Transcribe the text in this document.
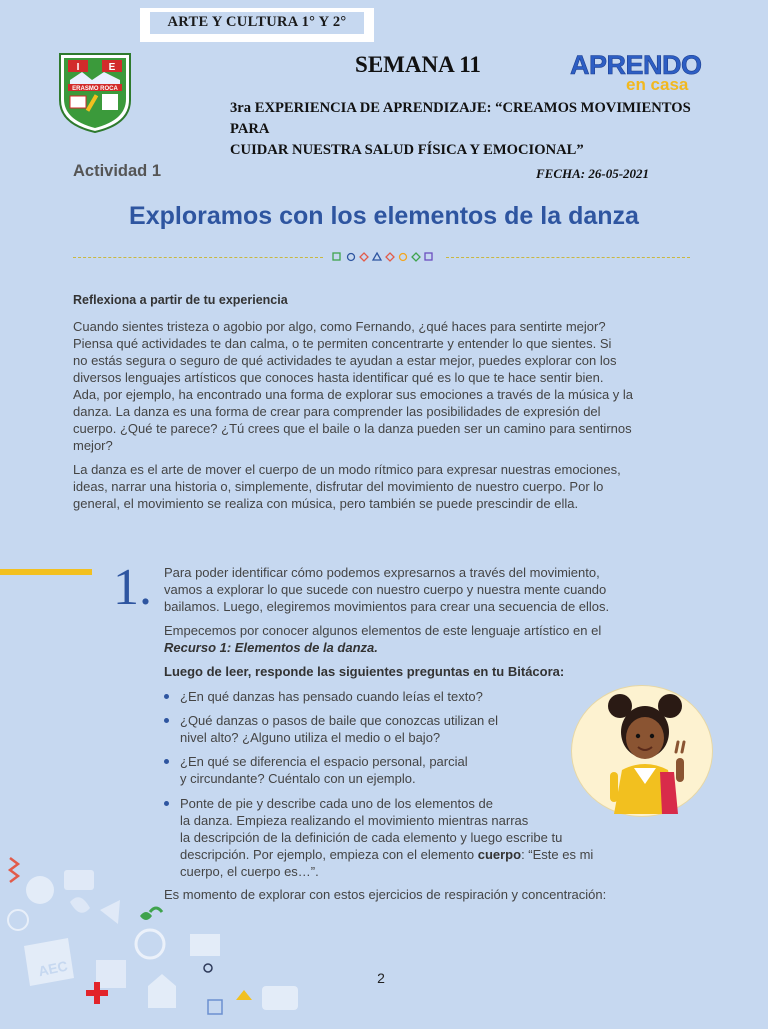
ARTE Y CULTURA 1° Y 2°
I	E
ERASMO ROCA
SEMANA 11	APRENDO
en casa
3ra EXPERIENCIA DE APRENDIZAJE: “CREAMOS MOVIMIENTOS PARA
CUIDAR NUESTRA SALUD FÍSICA Y EMOCIONAL”
Actividad 1	FECHA: 26-05-2021
Exploramos con los elementos de la danza
Reflexiona a partir de tu experiencia
Cuando sientes tristeza o agobio por algo, como Fernando, ¿qué haces para sentirte mejor?
Piensa qué actividades te dan calma, o te permiten concentrarte y entender lo que sientes. Si
no estás segura o seguro de qué actividades te ayudan a estar mejor, puedes explorar con los
diversos lenguajes artísticos que conoces hasta identificar qué es lo que te hace sentir bien.
Ada, por ejemplo, ha encontrado una forma de explorar sus emociones a través de la música y la
danza. La danza es una forma de crear para comprender las posibilidades de expresión del
cuerpo. ¿Qué te parece? ¿Tú crees que el baile o la danza pueden ser un camino para sentirnos
mejor?
La danza es el arte de mover el cuerpo de un modo rítmico para expresar nuestras emociones,
ideas, narrar una historia o, simplemente, disfrutar del movimiento de nuestro cuerpo. Por lo
general, el movimiento se realiza con música, pero también se puede prescindir de ella.
1. Para poder identificar cómo podemos expresarnos a través del movimiento,
vamos a explorar lo que sucede con nuestro cuerpo y nuestra mente cuando
bailamos. Luego, elegiremos movimientos para crear una secuencia de ellos.
Empecemos por conocer algunos elementos de este lenguaje artístico en el
Recurso 1: Elementos de la danza.
Luego de leer, responde las siguientes preguntas en tu Bitácora:
¿En qué danzas has pensado cuando leías el texto?
¿Qué danzas o pasos de baile que conozcas utilizan el
nivel alto? ¿Alguno utiliza el medio o el bajo?
¿En qué se diferencia el espacio personal, parcial
y circundante? Cuéntalo con un ejemplo.
Ponte de pie y describe cada uno de los elementos de
la danza. Empieza realizando el movimiento mientras narras
la descripción de la definición de cada elemento y luego escribe tu
descripción. Por ejemplo, empieza con el elemento cuerpo: “Este es mi
cuerpo, el cuerpo es…”.
Es momento de explorar con estos ejercicios de respiración y concentración:
AEC	2
